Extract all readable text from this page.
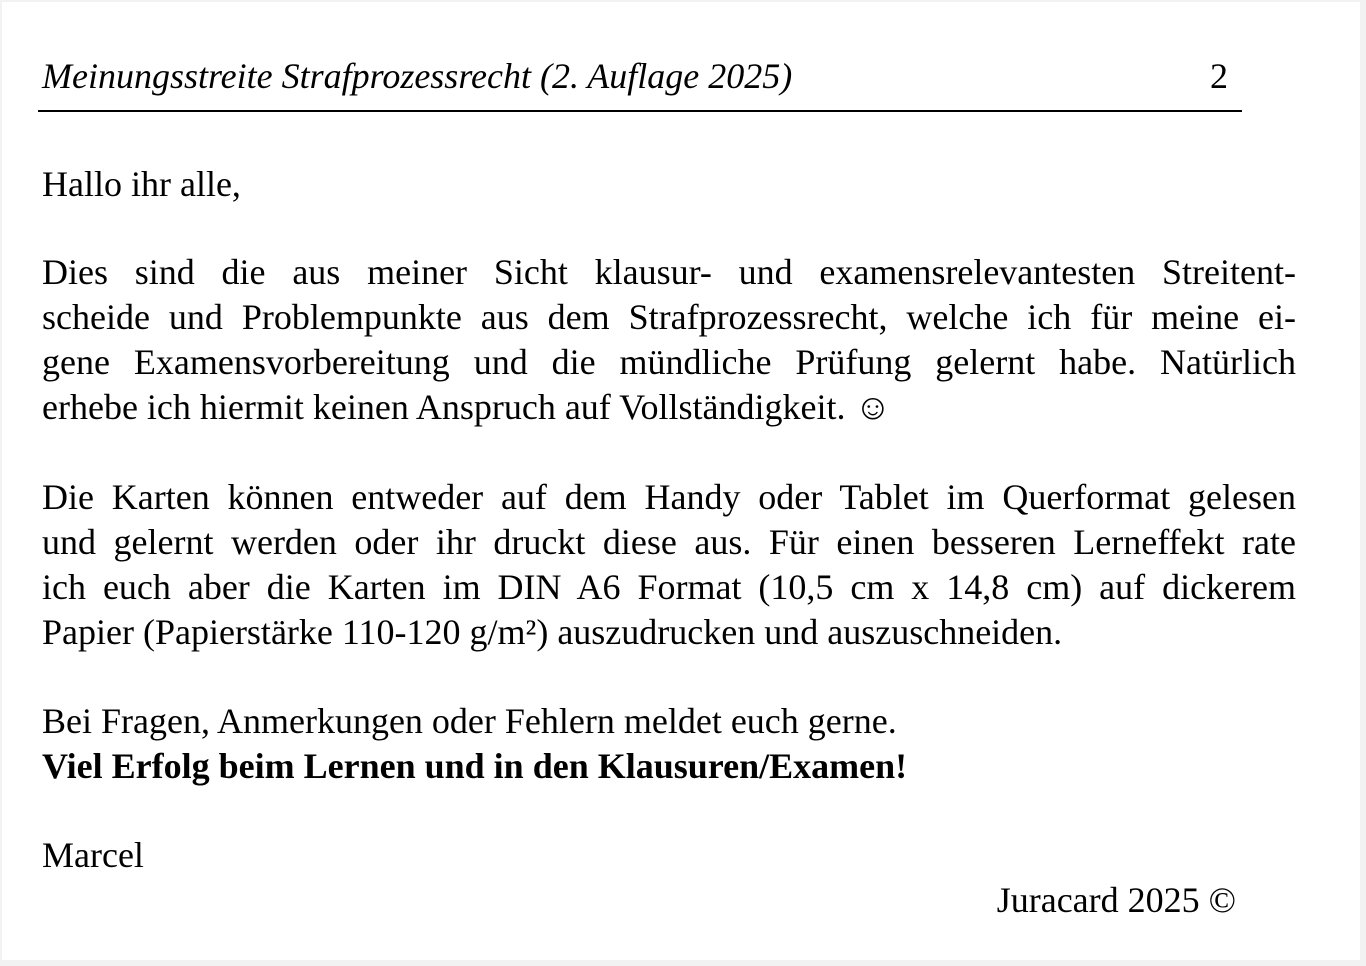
Meinungsstreite Strafprozessrecht (2. Auflage 2025)	2
Hallo ihr alle,
Dies sind die aus meiner Sicht klausur- und examensrelevantesten Streitent-
scheide und Problempunkte aus dem Strafprozessrecht, welche ich für meine ei-
gene Examensvorbereitung und die mündliche Prüfung gelernt habe. Natürlich
erhebe ich hiermit keinen Anspruch auf Vollständigkeit. ☺
Die Karten können entweder auf dem Handy oder Tablet im Querformat gelesen
und gelernt werden oder ihr druckt diese aus. Für einen besseren Lerneffekt rate
ich euch aber die Karten im DIN A6 Format (10,5 cm x 14,8 cm) auf dickerem
Papier (Papierstärke 110-120 g/m²) auszudrucken und auszuschneiden.
Bei Fragen, Anmerkungen oder Fehlern meldet euch gerne.
Viel Erfolg beim Lernen und in den Klausuren/Examen!
Marcel
Juracard 2025 ©
